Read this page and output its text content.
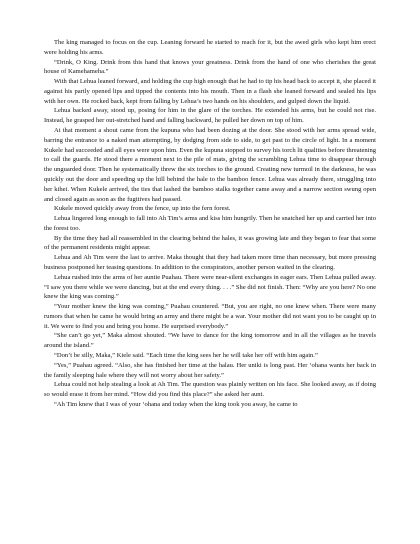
The king managed to focus on the cup. Leaning forward he started to reach for it, but the awed girls who kept him erect were holding his arms.

“Drink, O King. Drink from this hand that knows your greatness. Drink from the hand of one who cherishes the great house of Kamehameha.”

With that Lehua leaned forward, and holding the cup high enough that he had to tip his head back to accept it, she placed it against his partly opened lips and tipped the contents into his mouth. Then in a flash she leaned forward and sealed his lips with her own. He rocked back, kept from falling by Lehua’s two hands on his shoulders, and gulped down the liquid.

Lehua backed away, stood up, posing for him in the glare of the torches. He extended his arms, but he could not rise. Instead, he grasped her out-stretched hand and falling backward, he pulled her down on top of him.

At that moment a shout came from the kupuna who had been dozing at the door. She stood with her arms spread wide, barring the entrance to a naked man attempting, by dodging from side to side, to get past to the circle of light. In a moment Kukele had succeeded and all eyes were upon him. Even the kupuna stopped to survey his torch lit qualities before threatening to call the guards. He stood there a moment next to the pile of mats, giving the scrambling Lehua time to disappear through the unguarded door. Then he systematically threw the six torches to the ground. Creating new turmoil in the darkness, he was quickly out the door and speeding up the hill behind the hale to the bamboo fence. Lehua was already there, struggling into her kihei. When Kukele arrived, the ties that lashed the bamboo stalks together came away and a narrow section swung open and closed again as soon as the fugitives had passed.

Kukele moved quickly away from the fence, up into the fern forest.

Lehua lingered long enough to fall into Ah Tim’s arms and kiss him hungrily. Then he snatched her up and carried her into the forest too.

By the time they had all reassembled in the clearing behind the hales, it was growing late and they began to fear that some of the permanent residents might appear.

Lehua and Ah Tim were the last to arrive. Maka thought that they had taken more time than necessary, but more pressing business postponed her teasing questions. In addition to the conspirators, another person waited in the clearing.

Lehua rushed into the arms of her auntie Puahau. There were near-silent exchanges in eager ears. Then Lehua pulled away. “I saw you there while we were dancing, but at the end every thing. . . .” She did not finish. Then: “Why are you here? No one knew the king was coming.”

“Your mother knew the king was coming,” Puahau countered. “But, you are right, no one knew when. There were many rumors that when he came he would bring an army and there might be a war. Your mother did not want you to be caught up in it. We were to find you and bring you home. He surprised everybody.”

“She can’t go yet,” Maka almost shouted. “We have to dance for the king tomorrow and in all the villages as he travels around the island.”

“Don’t be silly, Maka,” Kiele said. “Each time the king sees her he will take her off with him again.”

“Yes,” Puahau agreed. “Also, she has finished her time at the halau. Her uniki is long past. Her ‘ohana wants her back in the family sleeping hale where they will not worry about her safety.”

Lehua could not help stealing a look at Ah Tim. The question was plainly written on his face. She looked away, as if doing so would erase it from her mind. “How did you find this place?” she asked her aunt.

“Ah Tim knew that I was of your ‘ohana and today when the king took you away, he came to
